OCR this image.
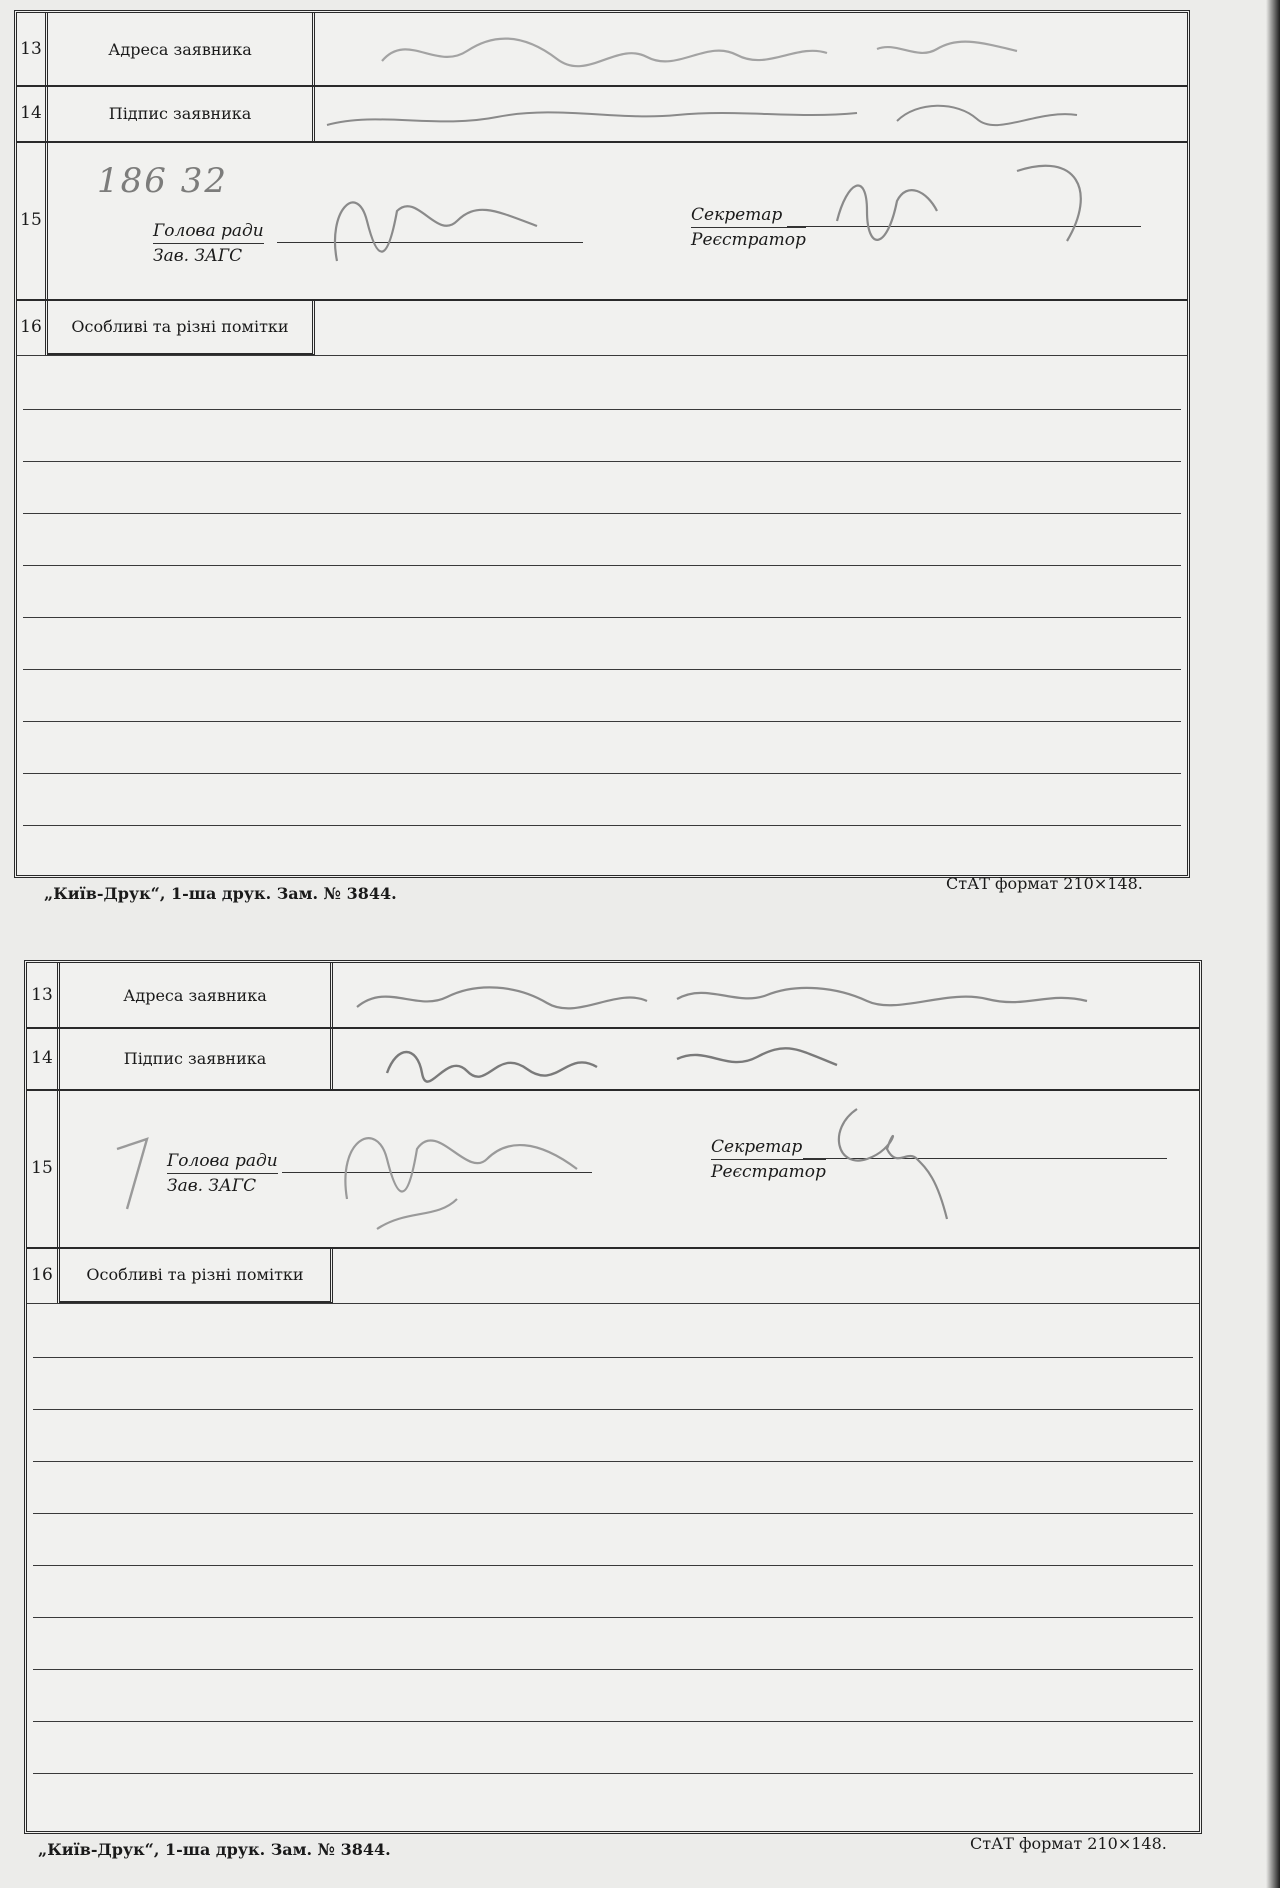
13	Адреса заявника
14	Підпис заявника
15
186 32
Голова ради
Зав. ЗАГС
Секретар
Реєстратор
16	Особливі та різні помітки
„Київ-Друк“, 1-ша друк. Зам. № 3844.
СтАТ формат 210×148.
13	Адреса заявника
14	Підпис заявника
15	Голова ради
Зав. ЗАГС
Секретар
Реєстратор
16	Особливі та різні помітки
„Київ-Друк“, 1-ша друк. Зам. № 3844.	СтАТ формат 210×148.
